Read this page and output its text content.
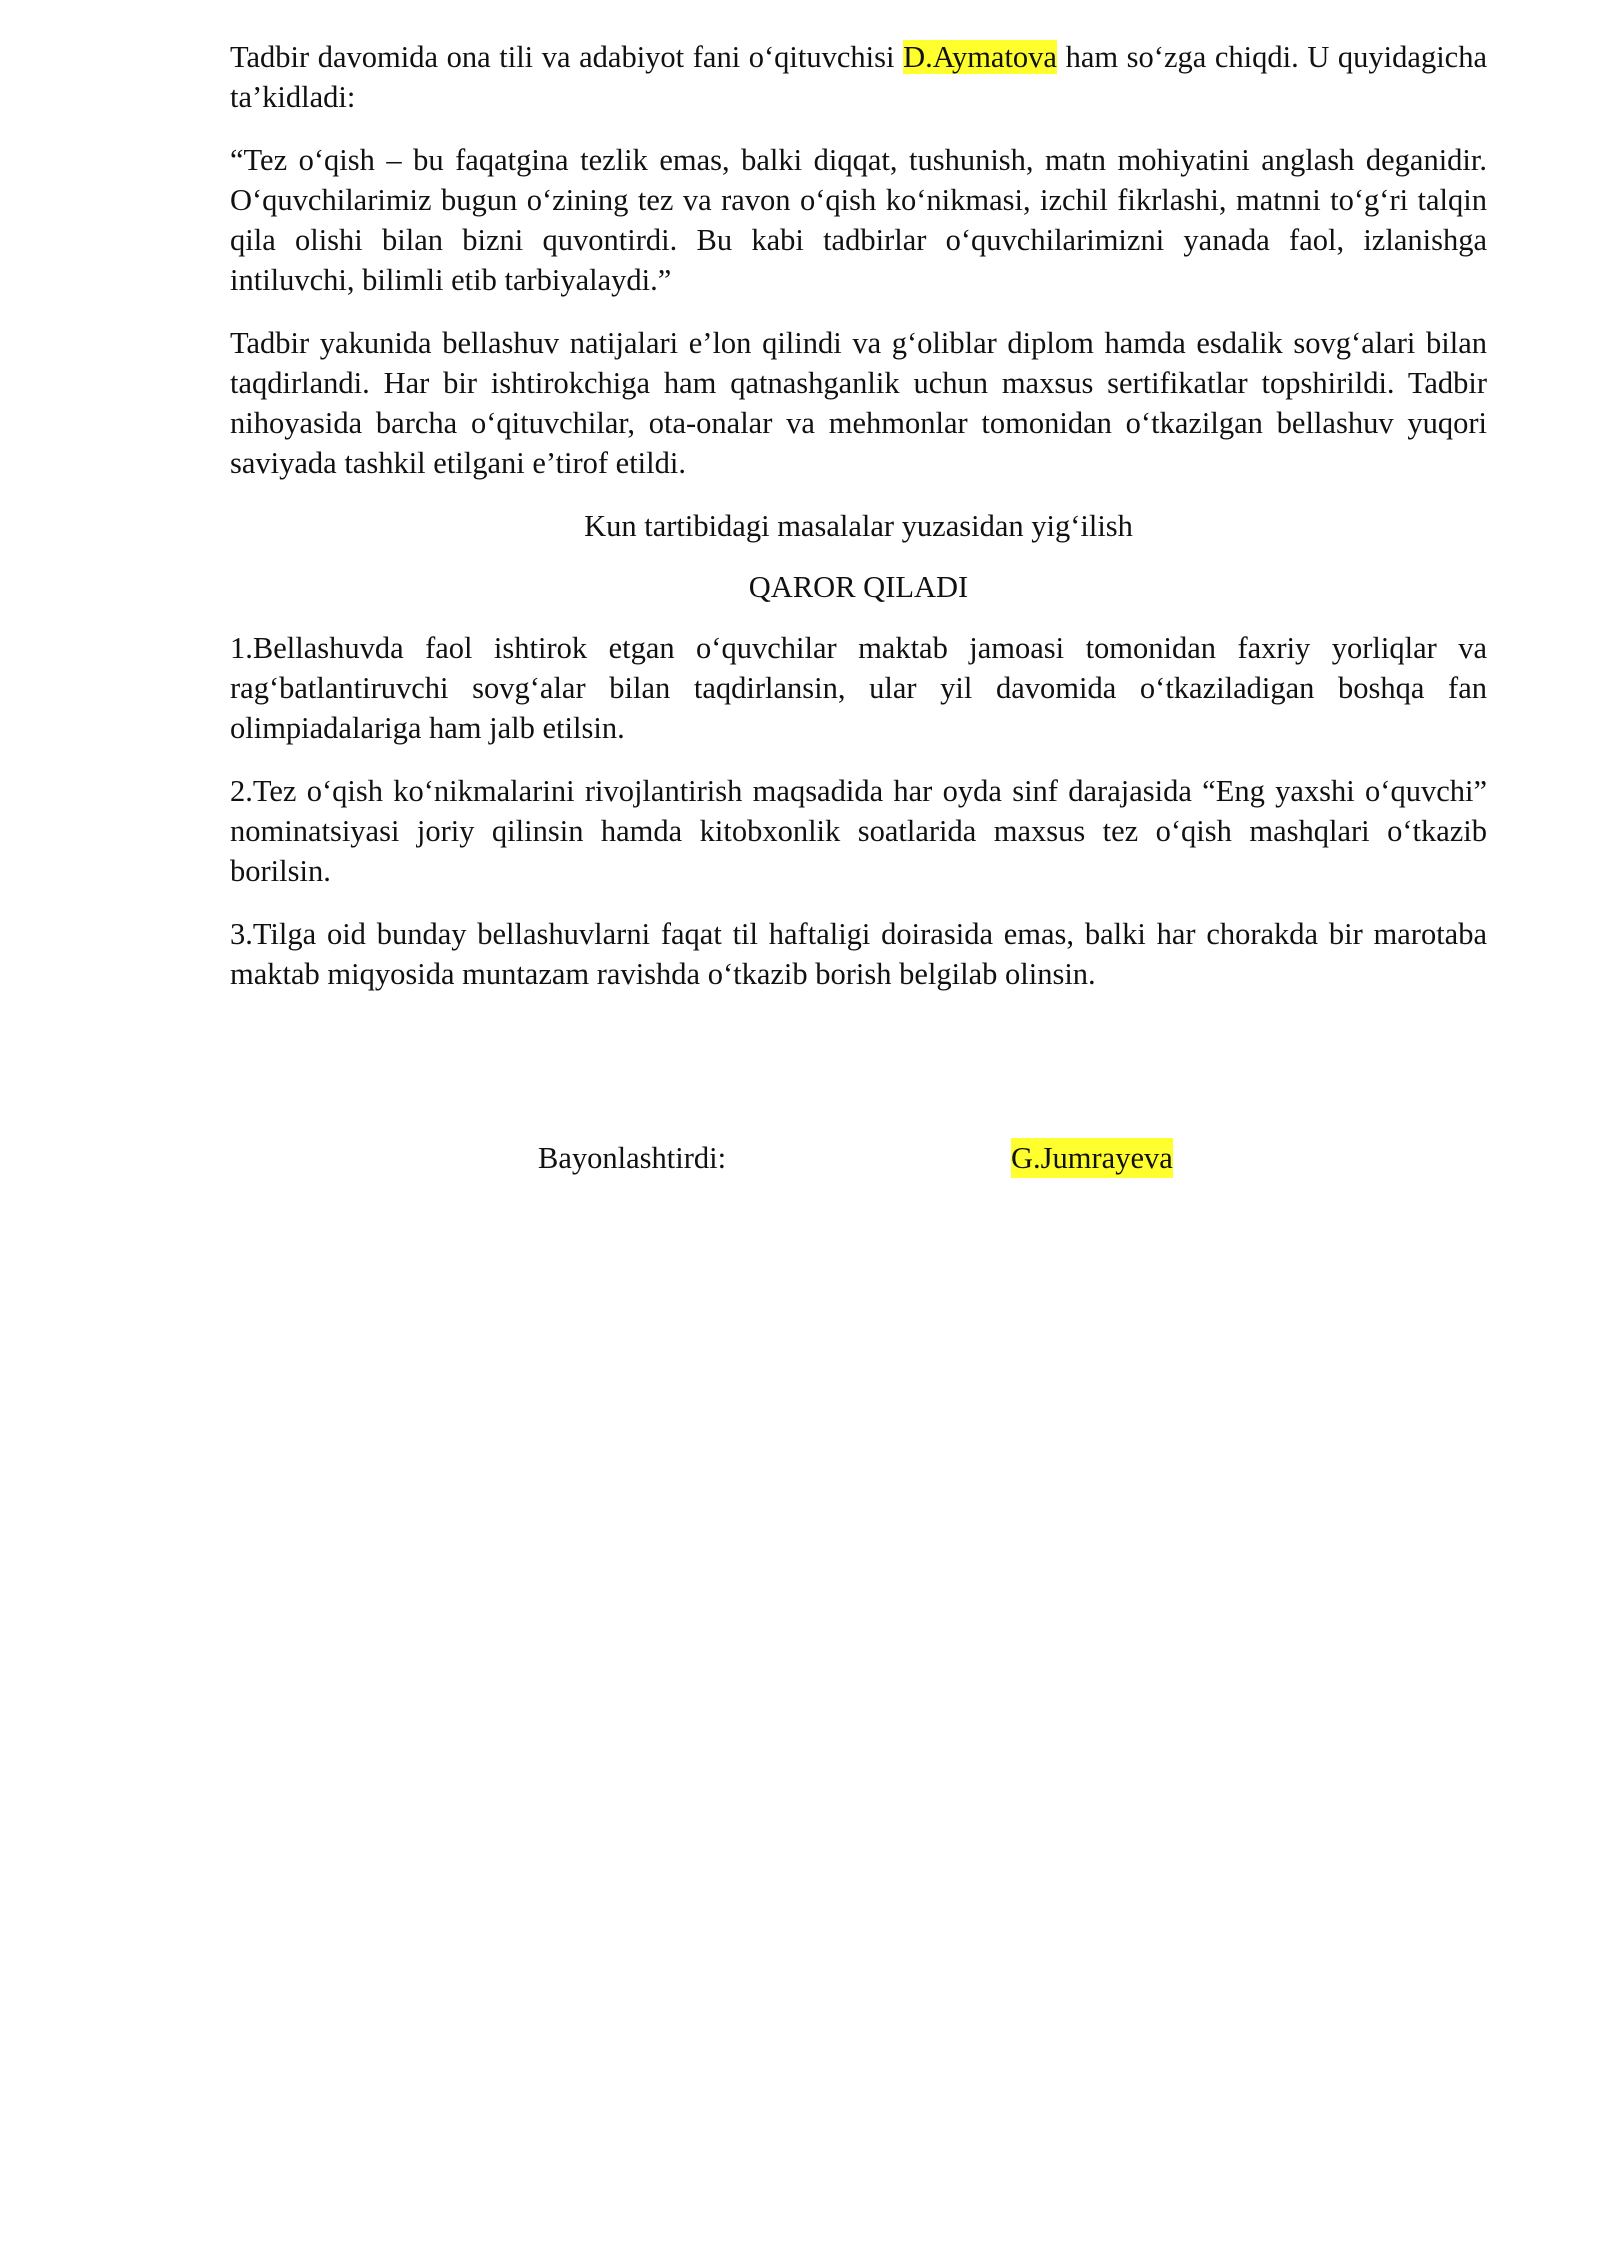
Tadbir davomida ona tili va adabiyot fani o‘qituvchisi D.Aymatova ham so‘zga chiqdi. U quyidagicha ta’kidladi:

“Tez o‘qish – bu faqatgina tezlik emas, balki diqqat, tushunish, matn mohiyatini anglash deganidir. O‘quvchilarimiz bugun o‘zining tez va ravon o‘qish ko‘nikmasi, izchil fikrlashi, matnni to‘g‘ri talqin qila olishi bilan bizni quvontirdi. Bu kabi tadbirlar o‘quvchilarimizni yanada faol, izlanishga intiluvchi, bilimli etib tarbiyalaydi.”

Tadbir yakunida bellashuv natijalari e’lon qilindi va g‘oliblar diplom hamda esdalik sovg‘alari bilan taqdirlandi. Har bir ishtirokchiga ham qatnashganlik uchun maxsus sertifikatlar topshirildi. Tadbir nihoyasida barcha o‘qituvchilar, ota-onalar va mehmonlar tomonidan o‘tkazilgan bellashuv yuqori saviyada tashkil etilgani e’tirof etildi.

Kun tartibidagi masalalar yuzasidan yig‘ilish

QAROR QILADI

1.Bellashuvda faol ishtirok etgan o‘quvchilar maktab jamoasi tomonidan faxriy yorliqlar va rag‘batlantiruvchi sovg‘alar bilan taqdirlansin, ular yil davomida o‘tkaziladigan boshqa fan olimpiadalariga ham jalb etilsin.

2.Tez o‘qish ko‘nikmalarini rivojlantirish maqsadida har oyda sinf darajasida “Eng yaxshi o‘quvchi” nominatsiyasi joriy qilinsin hamda kitobxonlik soatlarida maxsus tez o‘qish mashqlari o‘tkazib borilsin.

3.Tilga oid bunday bellashuvlarni faqat til haftaligi doirasida emas, balki har chorakda bir marotaba maktab miqyosida muntazam ravishda o‘tkazib borish belgilab olinsin.

Bayonlashtirdi:	G.Jumrayeva
